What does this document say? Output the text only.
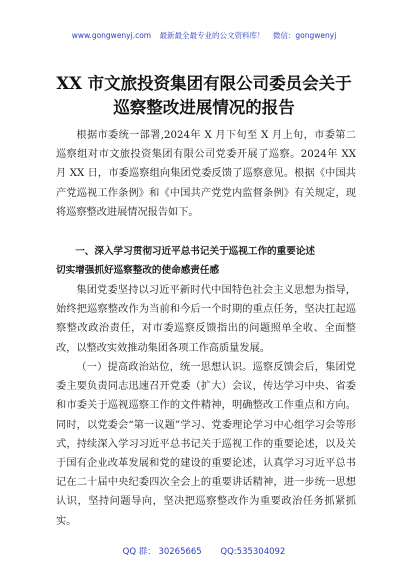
www.gongwenyj.com 最新最全最专业的公文资料库！ 微信：gongwenyj
XX 市文旅投资集团有限公司委员会关于
巡察整改进展情况的报告

根据市委统一部署,2024年 X 月下旬至 X 月上旬，市委第二巡察组对市文旅投资集团有限公司党委开展了巡察。2024年 XX 月 XX 日，市委巡察组向集团党委反馈了巡察意见。根据《中国共产党巡视工作条例》和《中国共产党党内监督条例》有关规定，现将巡察整改进展情况报告如下。

一、深入学习贯彻习近平总书记关于巡视工作的重要论述
切实增强抓好巡察整改的使命感责任感

集团党委坚持以习近平新时代中国特色社会主义思想为指导，始终把巡察整改作为当前和今后一个时期的重点任务，坚决扛起巡察整改政治责任，对市委巡察反馈指出的问题照单全收、全面整改，以整改实效推动集团各项工作高质量发展。

（一）提高政治站位，统一思想认识。巡察反馈会后，集团党委主要负责同志迅速召开党委（扩大）会议，传达学习中央、省委和市委关于巡视巡察工作的文件精神，明确整改工作重点和方向。同时，以党委会“第一议题”学习、党委理论学习中心组学习会等形式，持续深入学习习近平总书记关于巡视工作的重要论述，以及关于国有企业改革发展和党的建设的重要论述，认真学习习近平总书记在二十届中央纪委四次全会上的重要讲话精神，进一步统一思想认识，坚持问题导向，坚决把巡察整改作为重要政治任务抓紧抓实。

QQ 群： 30265665 QQ:535304092
